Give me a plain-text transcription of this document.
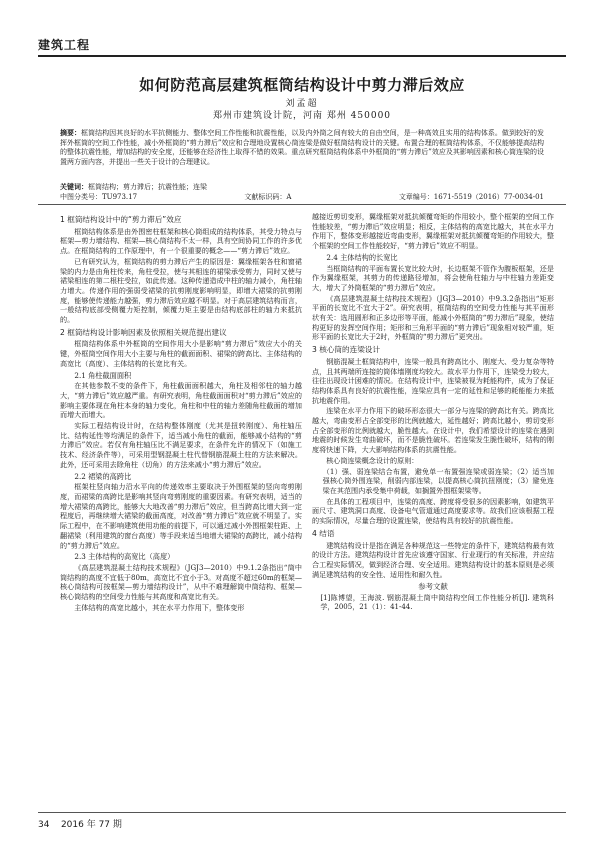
建筑工程
如何防范高层建筑框筒结构设计中剪力滞后效应
刘孟超
郑州市建筑设计院，河南 郑州 450000
摘要：框筒结构因其良好的水平抗侧能力、整体空间工作性能和抗震性能，以及内外筒之间有较大的自由空间，是一种高效且实用的结构体系。做到较好的发挥外框筒的空间工作性能，减小外框筒的“剪力滞后”效应和合理地设置核心筒连梁是做好框筒结构设计的关键。布置合理的框筒结构体系，不仅能够提高结构的整体抗震性能，增加结构的安全度，还能够在经济性上取得不错的效果。重点研究框筒结构体系中外框筒的“剪力滞后”效应及其影响因素和核心筒连梁的设置两方面内容，并提出一些关于设计的合理建议。
关键词：框筒结构；剪力滞后；抗震性能；连梁
中图分类号：TU973.17	文献标识码：A	文章编号：1671-5519（2016）77-0034-01
1 框筒结构设计中的“剪力滞后”效应

框筒结构体系是由外围密柱框架和核心筒组成的结构体系，其受力特点与框架—剪力墙结构、框架—核心筒结构不太一样，具有空间协同工作的许多优点。在框筒结构的工作原理中，有一个很重要的概念——“剪力滞后”效应。

已有研究认为，框筒结构的剪力滞后产生的原因是：翼缘框架各柱和窗裙梁的内力是由角柱传来，角柱受拉，使与其相连的裙梁承受剪力，同时又使与裙梁相连的第二根柱受拉，如此传递。这种传递造成中柱的轴力减小，角柱轴力增大。传递作用的强弱受裙梁的抗剪刚度影响明显，即增大裙梁的抗剪刚度，能够使传递能力越强，剪力滞后效应越不明显。对于高层建筑结构而言，一般结构底部受侧覆力矩控制，倾覆力矩主要是由结构底部柱的轴力来抵抗的。

2 框筒结构设计影响因素及依照相关规范提出建议

框筒结构体系中外框筒的空间作用大小是影响“剪力滞后”效应大小的关键，外框筒空间作用大小主要与角柱的截面面积、裙梁的跨高比、主体结构的高宽比（高度）、主体结构的长宽比有关。

2.1 角柱截面面积

在其他参数不变的条件下，角柱截面面积越大，角柱及相邻柱的轴力越大，“剪力滞后”效应越严重。有研究表明，角柱截面面积对“剪力滞后”效应的影响主要体现在角柱本身的轴力变化，角柱和中柱的轴力差随角柱截面的增加而增大而增大。

实际工程结构设计时，在结构整体刚度（尤其是扭转刚度）、角柱轴压比、结构延性等均满足的条件下，适当减小角柱的截面，能够减小结构的“剪力滞后”效应。若仅有角柱轴压比不满足要求，在条件允许的情况下（如施工技术、经济条件等），可采用型钢混凝土柱代替钢筋混凝土柱的方法来解决。此外，还可采用去除角柱（切角）的方法来减小“剪力滞后”效应。

2.2 裙梁的高跨比

框架柱竖向轴力沿水平向的传递效率主要取决于外围框架的竖向弯剪刚度，而裙梁的高跨比是影响其竖向弯剪刚度的重要因素。有研究表明，适当的增大裙梁的高跨比，能够大大地改善“剪力滞后”效应，但当跨高比增大到一定程度后，再继续增大裙梁的截面高度，对改善“剪力滞后”效应就不明显了。实际工程中，在不影响建筑使用功能的前提下，可以通过减小外围框架柱距、上翻裙梁（利用建筑的窗台高度）等手段来适当地增大裙梁的高跨比，减小结构的“剪力滞后”效应。

2.3 主体结构的高宽比（高度）

《高层建筑混凝土结构技术规程》（JGJ3—2010）中9.1.2条指出“筒中筒结构的高度不宜低于80m，高宽比不宜小于3。对高度不超过60m的框架—核心筒结构可按框架—剪力墙结构设计”，从中不难理解筒中筒结构、框架—核心筒结构的空间受力性能与其高度和高宽比有关。

主体结构的高宽比越小，其在水平力作用下，整体变形

越接近剪切变形，翼缘框架对抵抗倾覆弯矩的作用较小，整个框架的空间工作性能较差，“剪力滞后”效应明显；相反，主体结构的高宽比越大，其在水平力作用下，整体变形越接近弯曲变形，翼缘框架对抵抗倾覆弯矩的作用较大，整个框架的空间工作性能较好，“剪力滞后”效应不明显。

2.4 主体结构的长宽比

当框筒结构的平面布置长宽比较大时，长边框架不管作为腹板框架，还是作为翼缘框架，其剪力的传递路径增加，将会使角柱轴力与中柱轴力差距变大，增大了外筒框架的“剪力滞后”效应。

《高层建筑混凝土结构技术规程》（JGJ3—2010）中9.3.2条指出“矩形平面的长宽比不宜大于2”。研究表明，框筒结构的空间受力性能与其平面形状有关：选用圆形和正多边形等平面，能减小外框筒的“剪力滞后”现象，使结构更好的发挥空间作用；矩形和三角形平面的“剪力滞后”现象相对较严重，矩形平面的长宽比大于2时，外框筒的“剪力滞后”更突出。

3 核心筒的连梁设计

钢筋混凝土框筒结构中，连梁一般具有跨高比小、刚度大、受力复杂等特点，且其两端所连接的筒体墙刚度均较大。故水平力作用下，连梁受力较大，往往出现设计困难的情况。在结构设计中，连梁被视为耗能构件，成为了保证结构体系具有良好的抗震性能，连梁应具有一定的延性和足够的耗能能力来抵抗地震作用。

连梁在水平力作用下的破坏形态很大一部分与连梁的跨高比有关。跨高比越大，弯曲变形占全部变形的比例就越大，延性越好；跨高比越小，剪切变形占全部变形的比例就越大，脆性越大。在设计中，我们希望设计的连梁在遇到地震的时候发生弯曲破坏，而不是脆性破坏。若连梁发生脆性破坏，结构的刚度将快速下降，大大影响结构体系的抗震性能。

核心筒连梁概念设计的原则：

（1）强、弱连梁结合布置，避免单一布置强连梁或弱连梁；（2）适当加强核心筒外围连梁，削弱内部连梁，以提高核心筒抗扭刚度；（3）避免连梁在其范围内承受集中荷载，如搁置外围框架梁等。

在具体的工程项目中，连梁的高度、跨度将受很多的因素影响，如建筑平面尺寸、建筑洞口高度、设备电气管道通过高度要求等。故我们应该根据工程的实际情况，尽量合理的设置连梁，使结构具有较好的抗震性能。

4 结语

建筑结构设计是指在满足各种规范这一些特定的条件下，建筑结构最有效的设计方法。建筑结构设计首先应该遵守国家、行业现行的有关标准，并应结合工程实际情况，做到经济合理、安全适用。建筑结构设计的基本原则是必须满足建筑结构的安全性、适用性和耐久性。

参考文献
[1]陈博望，王海波. 钢筋混凝土筒中筒结构空间工作性能分析[J]. 建筑科学，2005，21（1）：41-44.
34 2016 年 77 期
